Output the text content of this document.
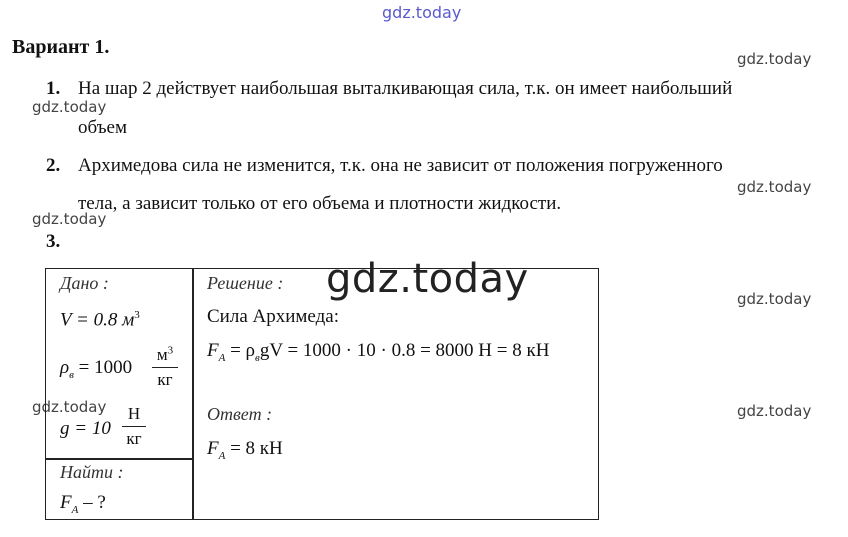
gdz.today
gdz.today
gdz.today
gdz.today
gdz.today
gdz.today	gdz.today
gdz.today	gdz.today
Вариант 1.
1. На шар 2 действует наибольшая выталкивающая сила, т.к. он имеет наибольший
объем
2. Архимедова сила не изменится, т.к. она не зависит от положения погруженного
тела, а зависит только от его объема и плотности жидкости.
3.
Дано :
V = 0.8 $м^3$
$\rho_в = 1000$
$м^3$
кг
g = 10
Н
кг
Найти :
$F_A$ – ?
Решение :
Сила Архимеда:
$F_A = \rho_вgV = 1000 \cdot 10 \cdot 0.8 = 8000$ Н = 8 кН
Ответ :
$F_A = 8$ кН
